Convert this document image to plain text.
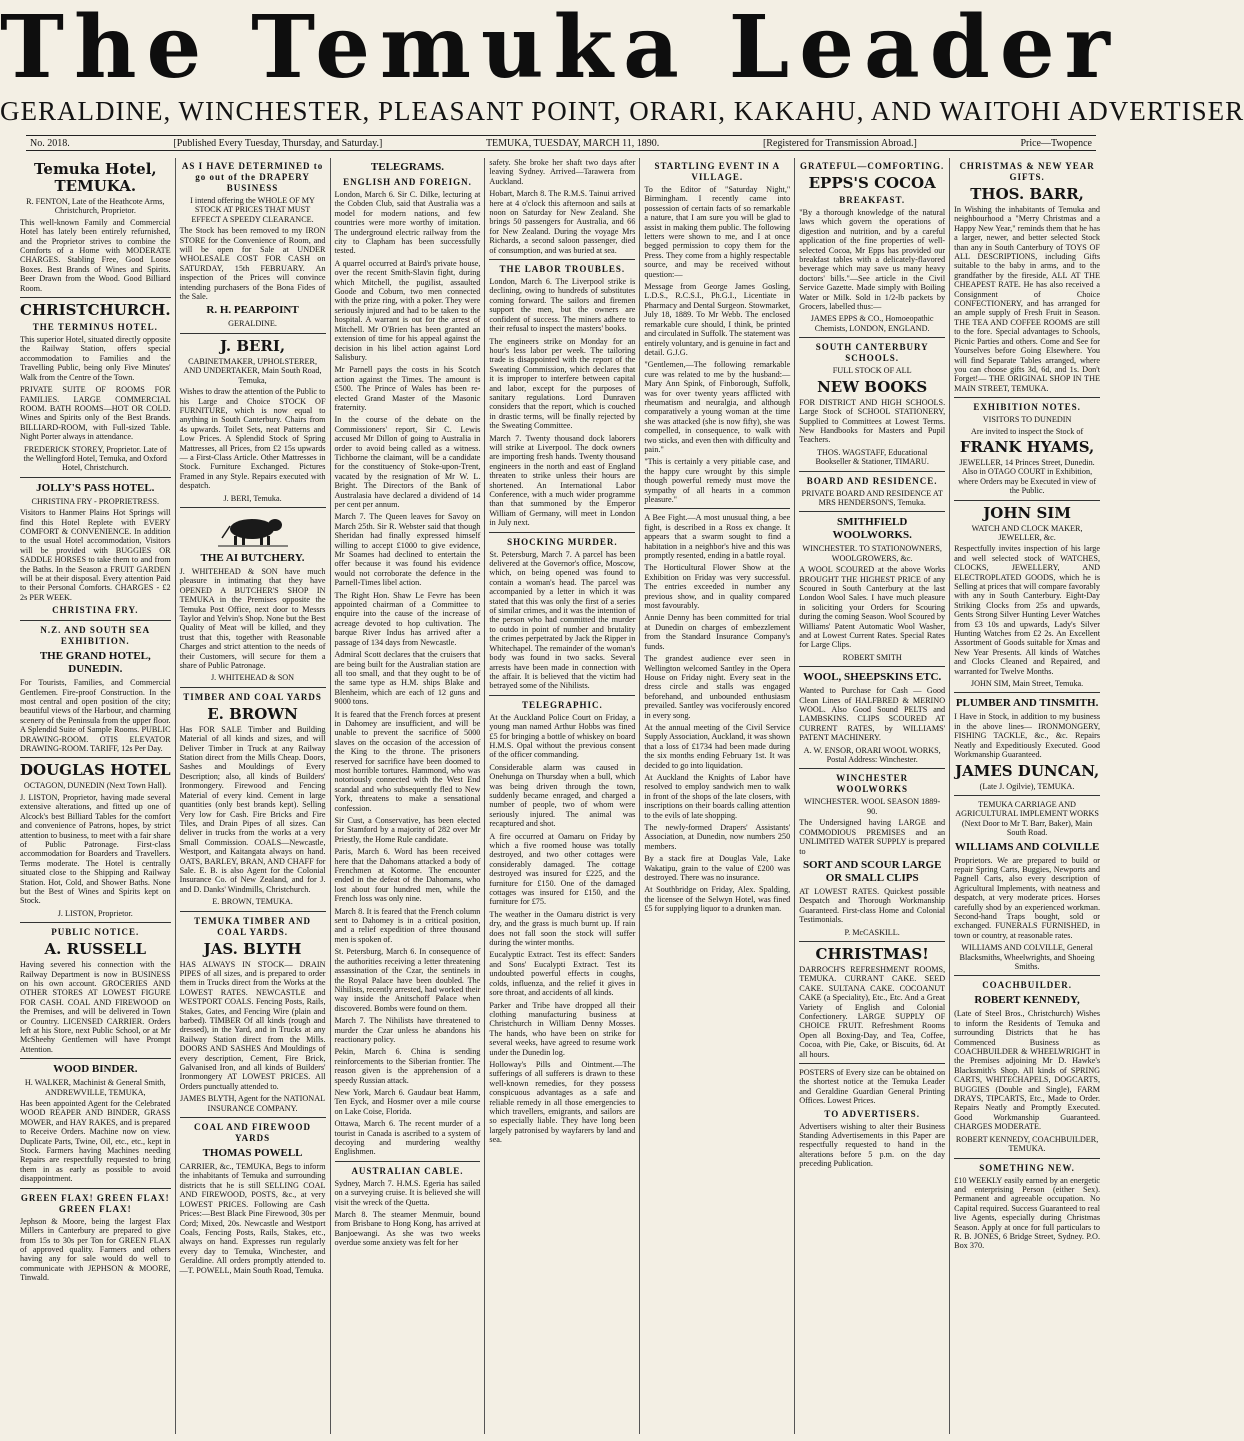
The Temuka Leader
GERALDINE, WINCHESTER, PLEASANT POINT, ORARI, KAKAHU, AND WAITOHI ADVERTISER
No. 2018.	[Published Every Tuesday, Thursday, and Saturday.]	TEMUKA, TUESDAY, MARCH 11, 1890.	[Registered for Transmission Abroad.]	Price—Twopence
Temuka Hotel, TEMUKA.
R. FENTON, Late of the Heathcote Arms, Christchurch, Proprietor.
This well-known Family and Commercial Hotel has lately been entirely refurnished, and the Proprietor strives to combine the Comforts of a Home with MODERATE CHARGES. Stabling Free, Good Loose Boxes. Best Brands of Wines and Spirits. Beer Drawn from the Wood. Good Billiard Room.
CHRISTCHURCH.
THE TERMINUS HOTEL.
This superior Hotel, situated directly opposite the Railway Station, offers special accommodation to Families and the Travelling Public, being only Five Minutes' Walk from the Centre of the Town.
PRIVATE SUITE OF ROOMS FOR FAMILIES. LARGE COMMERCIAL ROOM. BATH ROOMS—HOT OR COLD. Wines and Spirits only of the Best Brands. BILLIARD-ROOM, with Full-sized Table. Night Porter always in attendance.
FREDERICK STOREY, Proprietor. Late of the Wellingford Hotel, Temuka, and Oxford Hotel, Christchurch.
JOLLY'S PASS HOTEL.
CHRISTINA FRY - PROPRIETRESS.
Visitors to Hanmer Plains Hot Springs will find this Hotel Replete with EVERY COMFORT & CONVENIENCE. In addition to the usual Hotel accommodation, Visitors will be provided with BUGGIES OR SADDLE HORSES to take them to and from the Baths. In the Season a FRUIT GARDEN will be at their disposal. Every attention Paid to their Personal Comforts. CHARGES - £2 2s PER WEEK.
CHRISTINA FRY.
N.Z. AND SOUTH SEA EXHIBITION.
THE GRAND HOTEL, DUNEDIN.
For Tourists, Families, and Commercial Gentlemen. Fire-proof Construction. In the most central and open position of the city; beautiful views of the Harbour, and charming scenery of the Peninsula from the upper floor. A Splendid Suite of Sample Rooms. PUBLIC DRAWING-ROOM. OTIS ELEVATOR DRAWING-ROOM. TARIFF, 12s Per Day.
DOUGLAS HOTEL
OCTAGON, DUNEDIN (Next Town Hall).
J. LISTON, Proprietor, having made several extensive alterations, and fitted up one of Alcock's best Billiard Tables for the comfort and convenience of Patrons, hopes, by strict attention to business, to meet with a fair share of Public Patronage. First-class accommodation for Boarders and Travellers. Terms moderate. The Hotel is centrally situated close to the Shipping and Railway Station. Hot, Cold, and Shower Baths. None but the Best of Wines and Spirits kept on Stock.
J. LISTON, Proprietor.
PUBLIC NOTICE.
A. RUSSELL
Having severed his connection with the Railway Department is now in BUSINESS on his own account. GROCERIES AND OTHER STORES AT LOWEST FIGURE FOR CASH. COAL AND FIREWOOD on the Premises, and will be delivered in Town or Country. LICENSED CARRIER. Orders left at his Store, next Public School, or at Mr McSheehy Gentlemen will have Prompt Attention.
WOOD BINDER.
H. WALKER, Machinist & General Smith, ANDREWVILLE, TEMUKA,
Has been appointed Agent for the Celebrated WOOD REAPER AND BINDER, GRASS MOWER, and HAY RAKES, and is prepared to Receive Orders. Machine now on view. Duplicate Parts, Twine, Oil, etc., etc., kept in Stock. Farmers having Machines needing Repairs are respectfully requested to bring them in as early as possible to avoid disappointment.
GREEN FLAX! GREEN FLAX! GREEN FLAX!
Jephson & Moore, being the largest Flax Millers in Canterbury are prepared to give from 15s to 30s per Ton for GREEN FLAX of approved quality. Farmers and others having any for sale would do well to communicate with JEPHSON & MOORE, Tinwald.
AS I HAVE DETERMINED to go out of the DRAPERY BUSINESS
I intend offering the WHOLE OF MY STOCK AT PRICES THAT MUST EFFECT A SPEEDY CLEARANCE.
The Stock has been removed to my IRON STORE for the Convenience of Room, and will be open for Sale at UNDER WHOLESALE COST FOR CASH on SATURDAY, 15th FEBRUARY. An inspection of the Prices will convince intending purchasers of the Bona Fides of the Sale.
R. H. PEARPOINT
GERALDINE.
J. BERI,
CABINETMAKER, UPHOLSTERER, AND UNDERTAKER, Main South Road, Temuka,
Wishes to draw the attention of the Public to his Large and Choice STOCK OF FURNITURE, which is now equal to anything in South Canterbury. Chairs from 4s upwards. Toilet Sets, neat Patterns and Low Prices. A Splendid Stock of Spring Mattresses, all Prices, from £2 15s upwards — a First-Class Article. Other Mattresses in Stock. Furniture Exchanged. Pictures Framed in any Style. Repairs executed with despatch.
J. BERI, Temuka.
THE AI BUTCHERY.
J. WHITEHEAD & SON have much pleasure in intimating that they have OPENED A BUTCHER'S SHOP IN TEMUKA in the Premises opposite the Temuka Post Office, next door to Messrs Taylor and Yelvin's Shop. None but the Best Quality of Meat will be killed, and they trust that this, together with Reasonable Charges and strict attention to the needs of their Customers, will secure for them a share of Public Patronage.
J. WHITEHEAD & SON
TIMBER AND COAL YARDS
E. BROWN
Has FOR SALE Timber and Building Material of all kinds and sizes, and will Deliver Timber in Truck at any Railway Station direct from the Mills Cheap. Doors, Sashes and Mouldings of Every Description; also, all kinds of Builders' Ironmongery. Firewood and Fencing Material of every kind. Cement in large quantities (only best brands kept). Selling Very low for Cash. Fire Bricks and Fire Tiles, and Drain Pipes of all sizes. Can deliver in trucks from the works at a very Small Commission. COALS—Newcastle, Westport, and Kaitangata always on hand. OATS, BARLEY, BRAN, AND CHAFF for Sale. E. B. is also Agent for the Colonial Insurance Co. of New Zealand, and for J. and D. Danks' Windmills, Christchurch.
E. BROWN, TEMUKA.
TEMUKA TIMBER AND COAL YARDS.
JAS. BLYTH
HAS ALWAYS IN STOCK— DRAIN PIPES of all sizes, and is prepared to order them in Trucks direct from the Works at the LOWEST RATES. NEWCASTLE and WESTPORT COALS. Fencing Posts, Rails, Stakes, Gates, and Fencing Wire (plain and barbed). TIMBER Of all kinds (rough and dressed), in the Yard, and in Trucks at any Railway Station direct from the Mills. DOORS AND SASHES And Mouldings of every description, Cement, Fire Brick, Galvanised Iron, and all kinds of Builders' Ironmongery AT LOWEST PRICES. All Orders punctually attended to.
JAMES BLYTH, Agent for the NATIONAL INSURANCE COMPANY.
COAL AND FIREWOOD YARDS
THOMAS POWELL
CARRIER, &c., TEMUKA, Begs to inform the inhabitants of Temuka and surrounding districts that he is still SELLING COAL AND FIREWOOD, POSTS, &c., at very LOWEST PRICES. Following are Cash Prices:—Best Black Pine Firewood, 30s per Cord; Mixed, 20s. Newcastle and Westport Coals, Fencing Posts, Rails, Stakes, etc., always on hand. Expresses run regularly every day to Temuka, Winchester, and Geraldine. All orders promptly attended to.—T. POWELL, Main South Road, Temuka.
TELEGRAMS.
ENGLISH AND FOREIGN.
London, March 6. Sir C. Dilke, lecturing at the Cobden Club, said that Australia was a model for modern nations, and few countries were more worthy of imitation. The underground electric railway from the city to Clapham has been successfully tested.
A quarrel occurred at Baird's private house, over the recent Smith-Slavin fight, during which Mitchell, the pugilist, assaulted Goode and Coburn, two men connected with the prize ring, with a poker. They were seriously injured and had to be taken to the hospital. A warrant is out for the arrest of Mitchell. Mr O'Brien has been granted an extension of time for his appeal against the decision in his libel action against Lord Salisbury.
Mr Parnell pays the costs in his Scotch action against the Times. The amount is £500. The Prince of Wales has been re-elected Grand Master of the Masonic fraternity.
In the course of the debate on the Commissioners' report, Sir C. Lewis accused Mr Dillon of going to Australia in order to avoid being called as a witness. Tichborne the claimant, will be a candidate for the constituency of Stoke-upon-Trent, vacated by the resignation of Mr W. L. Bright. The Directors of the Bank of Australasia have declared a dividend of 14 per cent per annum.
March 7. The Queen leaves for Savoy on March 25th. Sir R. Webster said that though Sheridan had finally expressed himself willing to accept £1000 to give evidence, Mr Soames had declined to entertain the offer because it was found his evidence would not corroborate the defence in the Parnell-Times libel action.
The Right Hon. Shaw Le Fevre has been appointed chairman of a Committee to enquire into the cause of the increase of acreage devoted to hop cultivation. The barque River Indus has arrived after a passage of 134 days from Newcastle.
Admiral Scott declares that the cruisers that are being built for the Australian station are all too small, and that they ought to be of the same type as H.M. ships Blake and Blenheim, which are each of 12 guns and 9000 tons.
It is feared that the French forces at present in Dahomey are insufficient, and will be unable to prevent the sacrifice of 5000 slaves on the occasion of the accession of the King to the throne. The prisoners reserved for sacrifice have been doomed to most horrible tortures. Hammond, who was notoriously connected with the West End scandal and who subsequently fled to New York, threatens to make a sensational confession.
Sir Cust, a Conservative, has been elected for Stamford by a majority of 282 over Mr Priestly, the Home Rule candidate.
Paris, March 6. Word has been received here that the Dahomans attacked a body of Frenchmen at Kotorme. The encounter ended in the defeat of the Dahomans, who lost about four hundred men, while the French loss was only nine.
March 8. It is feared that the French column sent to Dahomey is in a critical position, and a relief expedition of three thousand men is spoken of.
St. Petersburg, March 6. In consequence of the authorities receiving a letter threatening assassination of the Czar, the sentinels in the Royal Palace have been doubled. The Nihilists, recently arrested, had worked their way inside the Anitschoff Palace when discovered. Bombs were found on them.
March 7. The Nihilists have threatened to murder the Czar unless he abandons his reactionary policy.
Pekin, March 6. China is sending reinforcements to the Siberian frontier. The reason given is the apprehension of a speedy Russian attack.
New York, March 6. Gaudaur beat Hamm, Ten Eyck, and Hosmer over a mile course on Lake Coise, Florida.
Ottawa, March 6. The recent murder of a tourist in Canada is ascribed to a system of decoying and murdering wealthy Englishmen.
AUSTRALIAN CABLE.
Sydney, March 7. H.M.S. Egeria has sailed on a surveying cruise. It is believed she will visit the wreck of the Quetta.
March 8. The steamer Menmuir, bound from Brisbane to Hong Kong, has arrived at Banjoewangi. As she was two weeks overdue some anxiety was felt for her
safety. She broke her shaft two days after leaving Sydney. Arrived—Tarawera from Auckland.
Hobart, March 8. The R.M.S. Tainui arrived here at 4 o'clock this afternoon and sails at noon on Saturday for New Zealand. She brings 50 passengers for Australia, and 66 for New Zealand. During the voyage Mrs Richards, a second saloon passenger, died of consumption, and was buried at sea.
THE LABOR TROUBLES.
London, March 6. The Liverpool strike is declining, owing to hundreds of substitutes coming forward. The sailors and firemen support the men, but the owners are confident of success. The miners adhere to their refusal to inspect the masters' books.
The engineers strike on Monday for an hour's less labor per week. The tailoring trade is disappointed with the report of the Sweating Commission, which declares that it is improper to interfere between capital and labor, except for the purposes of sanitary regulations. Lord Dunraven considers that the report, which is couched in drastic terms, will be finally rejected by the Sweating Committee.
March 7. Twenty thousand dock laborers will strike at Liverpool. The dock owners are importing fresh hands. Twenty thousand engineers in the north and east of England threaten to strike unless their hours are shortened. An International Labor Conference, with a much wider programme than that summoned by the Emperor William of Germany, will meet in London in July next.
SHOCKING MURDER.
St. Petersburg, March 7. A parcel has been delivered at the Governor's office, Moscow, which, on being opened was found to contain a woman's head. The parcel was accompanied by a letter in which it was stated that this was only the first of a series of similar crimes, and it was the intention of the person who had committed the murder to outdo in point of number and brutality the crimes perpetrated by Jack the Ripper in Whitechapel. The remainder of the woman's body was found in two sacks. Several arrests have been made in connection with the affair. It is believed that the victim had betrayed some of the Nihilists.
TELEGRAPHIC.
At the Auckland Police Court on Friday, a young man named Arthur Hobbs was fined £5 for bringing a bottle of whiskey on board H.M.S. Opal without the previous consent of the officer commanding.
Considerable alarm was caused in Onehunga on Thursday when a bull, which was being driven through the town, suddenly became enraged, and charged a number of people, two of whom were seriously injured. The animal was recaptured and shot.
A fire occurred at Oamaru on Friday by which a five roomed house was totally destroyed, and two other cottages were considerably damaged. The cottage destroyed was insured for £225, and the furniture for £150. One of the damaged cottages was insured for £150, and the furniture for £75.
The weather in the Oamaru district is very dry, and the grass is much burnt up. If rain does not fall soon the stock will suffer during the winter months.
Eucalyptic Extract. Test its effect: Sanders and Sons' Eucalypti Extract. Test its undoubted powerful effects in coughs, colds, influenza, and the relief it gives in sore throat, and accidents of all kinds.
Parker and Tribe have dropped all their clothing manufacturing business at Christchurch in William Denny Mosses. The hands, who have been on strike for several weeks, have agreed to resume work under the Dunedin log.
Holloway's Pills and Ointment.—The sufferings of all sufferers is drawn to these well-known remedies, for they possess conspicuous advantages as a safe and reliable remedy in all those emergencies to which travellers, emigrants, and sailors are so especially liable. They have long been largely patronised by wayfarers by land and sea.
STARTLING EVENT IN A VILLAGE.
To the Editor of "Saturday Night," Birmingham. I recently came into possession of certain facts of so remarkable a nature, that I am sure you will be glad to assist in making them public. The following letters were shown to me, and I at once begged permission to copy them for the Press. They come from a highly respectable source, and may be received without question:—
Message from George James Gosling, L.D.S., R.C.S.I., Ph.G.I., Licentiate in Pharmacy and Dental Surgeon. Stowmarket, July 18, 1889. To Mr Webb. The enclosed remarkable cure should, I think, be printed and circulated in Suffolk. The statement was entirely voluntary, and is genuine in fact and detail. G.J.G.
"Gentlemen,—The following remarkable cure was related to me by the husband:—Mary Ann Spink, of Finborough, Suffolk, was for over twenty years afflicted with rheumatism and neuralgia, and although comparatively a young woman at the time she was attacked (she is now fifty), she was compelled, in consequence, to walk with two sticks, and even then with difficulty and pain."
"This is certainly a very pitiable case, and the happy cure wrought by this simple though powerful remedy must move the sympathy of all hearts in a common pleasure."
A Bee Fight.—A most unusual thing, a bee fight, is described in a Ross ex change. It appears that a swarm sought to find a habitation in a neighbor's hive and this was promptly resented, ending in a battle royal.
The Horticultural Flower Show at the Exhibition on Friday was very successful. The entries exceeded in number any previous show, and in quality compared most favourably.
Annie Denny has been committed for trial at Dunedin on charges of embezzlement from the Standard Insurance Company's funds.
The grandest audience ever seen in Wellington welcomed Santley in the Opera House on Friday night. Every seat in the dress circle and stalls was engaged beforehand, and unbounded enthusiasm prevailed. Santley was vociferously encored in every song.
At the annual meeting of the Civil Service Supply Association, Auckland, it was shown that a loss of £1734 had been made during the six months ending February 1st. It was decided to go into liquidation.
At Auckland the Knights of Labor have resolved to employ sandwich men to walk in front of the shops of the late closers, with inscriptions on their boards calling attention to the evils of late shopping.
The newly-formed Drapers' Assistants' Association, at Dunedin, now numbers 250 members.
By a stack fire at Douglas Vale, Lake Wakatipu, grain to the value of £200 was destroyed. There was no insurance.
At Southbridge on Friday, Alex. Spalding, the licensee of the Selwyn Hotel, was fined £5 for supplying liquor to a drunken man.
GRATEFUL—COMFORTING.
EPPS'S COCOA
BREAKFAST.
"By a thorough knowledge of the natural laws which govern the operations of digestion and nutrition, and by a careful application of the fine properties of well-selected Cocoa, Mr Epps has provided our breakfast tables with a delicately-flavored beverage which may save us many heavy doctors' bills."—See article in the Civil Service Gazette. Made simply with Boiling Water or Milk. Sold in 1/2-lb packets by Grocers, labelled thus:—
JAMES EPPS & CO., Homoeopathic Chemists, LONDON, ENGLAND.
SOUTH CANTERBURY SCHOOLS.
FULL STOCK OF ALL
NEW BOOKS
FOR DISTRICT AND HIGH SCHOOLS. Large Stock of SCHOOL STATIONERY, Supplied to Committees at Lowest Terms. New Handbooks for Masters and Pupil Teachers.
THOS. WAGSTAFF, Educational Bookseller & Stationer, TIMARU.
BOARD AND RESIDENCE.
PRIVATE BOARD AND RESIDENCE AT MRS HENDERSON'S, Temuka.
SMITHFIELD WOOLWORKS.
WINCHESTER. TO STATIONOWNERS, WOOLGROWERS, &c.
A WOOL SCOURED at the above Works BROUGHT THE HIGHEST PRICE of any Scoured in South Canterbury at the last London Wool Sales. I have much pleasure in soliciting your Orders for Scouring during the coming Season. Wool Scoured by Williams' Patent Automatic Wool Washer, and at Lowest Current Rates. Special Rates for Large Clips.
ROBERT SMITH
WOOL, SHEEPSKINS ETC.
Wanted to Purchase for Cash — Good Clean Lines of HALFBRED & MERINO WOOL. Also Good Sound PELTS and LAMBSKINS. CLIPS SCOURED AT CURRENT RATES, by WILLIAMS' PATENT MACHINERY.
A. W. ENSOR, ORARI WOOL WORKS, Postal Address: Winchester.
WINCHESTER WOOLWORKS
WINCHESTER. WOOL SEASON 1889-90.
The Undersigned having LARGE and COMMODIOUS PREMISES and an UNLIMITED WATER SUPPLY is prepared to
SORT AND SCOUR LARGE OR SMALL CLIPS
AT LOWEST RATES. Quickest possible Despatch and Thorough Workmanship Guaranteed. First-class Home and Colonial Testimonials.
P. McCASKILL.
CHRISTMAS!
DARROCH'S REFRESHMENT ROOMS, TEMUKA. CURRANT CAKE. SEED CAKE. SULTANA CAKE. COCOANUT CAKE (a Speciality), Etc., Etc. And a Great Variety of English and Colonial Confectionery. LARGE SUPPLY OF CHOICE FRUIT. Refreshment Rooms Open all Boxing-Day, and Tea, Coffee, Cocoa, with Pie, Cake, or Biscuits, 6d. At all hours.
POSTERS of Every size can be obtained on the shortest notice at the Temuka Leader and Geraldine Guardian General Printing Offices. Lowest Prices.
TO ADVERTISERS.
Advertisers wishing to alter their Business Standing Advertisements in this Paper are respectfully requested to hand in the alterations before 5 p.m. on the day preceding Publication.
CHRISTMAS & NEW YEAR GIFTS.
THOS. BARR,
In Wishing the inhabitants of Temuka and neighbourhood a "Merry Christmas and a Happy New Year," reminds them that he has a larger, newer, and better selected Stock than any in South Canterbury of TOYS OF ALL DESCRIPTIONS, including Gifts suitable to the baby in arms, and to the grandfather by the fireside, ALL AT THE CHEAPEST RATE. He has also received a Consignment of Choice CONFECTIONERY, and has arranged for an ample supply of Fresh Fruit in Season. THE TEA AND COFFEE ROOMS are still to the fore. Special advantages to Schools, Picnic Parties and others. Come and See for Yourselves before Going Elsewhere. You will find Separate Tables arranged, where you can choose gifts 3d, 6d, and 1s. Don't Forget!— THE ORIGINAL SHOP IN THE MAIN STREET, TEMUKA.
EXHIBITION NOTES.
VISITORS TO DUNEDIN
Are invited to inspect the Stock of
FRANK HYAMS,
JEWELLER, 14 Princes Street, Dunedin. Also in OTAGO COURT in Exhibition, where Orders may be Executed in view of the Public.
JOHN SIM
WATCH AND CLOCK MAKER, JEWELLER, &c.
Respectfully invites inspection of his large and well selected stock of WATCHES, CLOCKS, JEWELLERY, AND ELECTROPLATED GOODS, which he is Selling at prices that will compare favorably with any in South Canterbury. Eight-Day Striking Clocks from 25s and upwards, Gents Strong Silver Hunting Lever Watches from £3 10s and upwards, Lady's Silver Hunting Watches from £2 2s. An Excellent Assortment of Goods suitable for Xmas and New Year Presents. All kinds of Watches and Clocks Cleaned and Repaired, and warranted for Twelve Months.
JOHN SIM, Main Street, Temuka.
PLUMBER AND TINSMITH.
I Have in Stock, in addition to my business in the above lines— IRONMONGERY, FISHING TACKLE, &c., &c. Repairs Neatly and Expeditiously Executed. Good Workmanship Guaranteed.
JAMES DUNCAN,
(Late J. Ogilvie), TEMUKA.
TEMUKA CARRIAGE AND AGRICULTURAL IMPLEMENT WORKS (Next Door to Mr T. Barr, Baker), Main South Road.
WILLIAMS AND COLVILLE
Proprietors. We are prepared to build or repair Spring Carts, Buggies, Newports and Pagnell Carts, also every description of Agricultural Implements, with neatness and despatch, at very moderate prices. Horses carefully shod by an experienced workman. Second-hand Traps bought, sold or exchanged. FUNERALS FURNISHED, in town or country, at reasonable rates.
WILLIAMS AND COLVILLE, General Blacksmiths, Wheelwrights, and Shoeing Smiths.
COACHBUILDER.
ROBERT KENNEDY,
(Late of Steel Bros., Christchurch) Wishes to inform the Residents of Temuka and surrounding Districts that he has Commenced Business as COACHBUILDER & WHEELWRIGHT in the Premises adjoining Mr D. Hawke's Blacksmith's Shop. All kinds of SPRING CARTS, WHITECHAPELS, DOGCARTS, BUGGIES (Double and Single), FARM DRAYS, TIPCARTS, Etc., Made to Order. Repairs Neatly and Promptly Executed. Good Workmanship Guaranteed. CHARGES MODERATE.
ROBERT KENNEDY, COACHBUILDER, TEMUKA.
SOMETHING NEW.
£10 WEEKLY easily earned by an energetic and enterprising Person (either Sex). Permanent and agreeable occupation. No Capital required. Success Guaranteed to real live Agents, especially during Christmas Season. Apply at once for full particulars to R. B. JONES, 6 Bridge Street, Sydney. P.O. Box 370.
